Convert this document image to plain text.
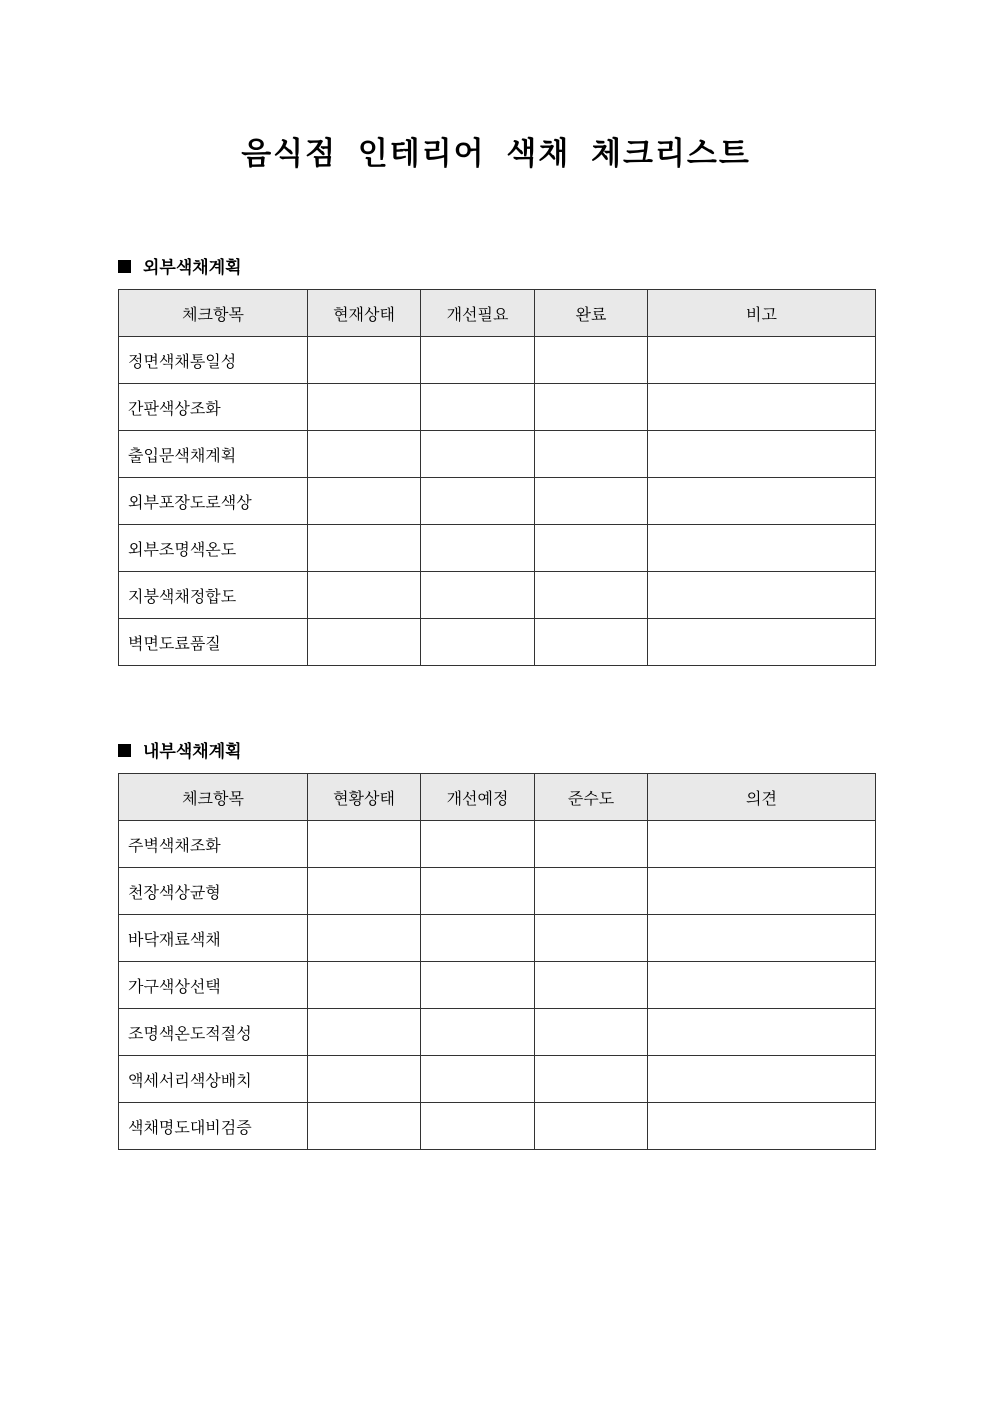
음식점 인테리어 색채 체크리스트
외부색채계획
체크항목	현재상태	개선필요	완료	비고
정면색채통일성				
간판색상조화				
출입문색채계획				
외부포장도로색상				
외부조명색온도				
지붕색채정합도				
벽면도료품질				
내부색채계획
체크항목	현황상태	개선예정	준수도	의견
주벽색채조화				
천장색상균형				
바닥재료색채				
가구색상선택				
조명색온도적절성				
액세서리색상배치				
색채명도대비검증				
